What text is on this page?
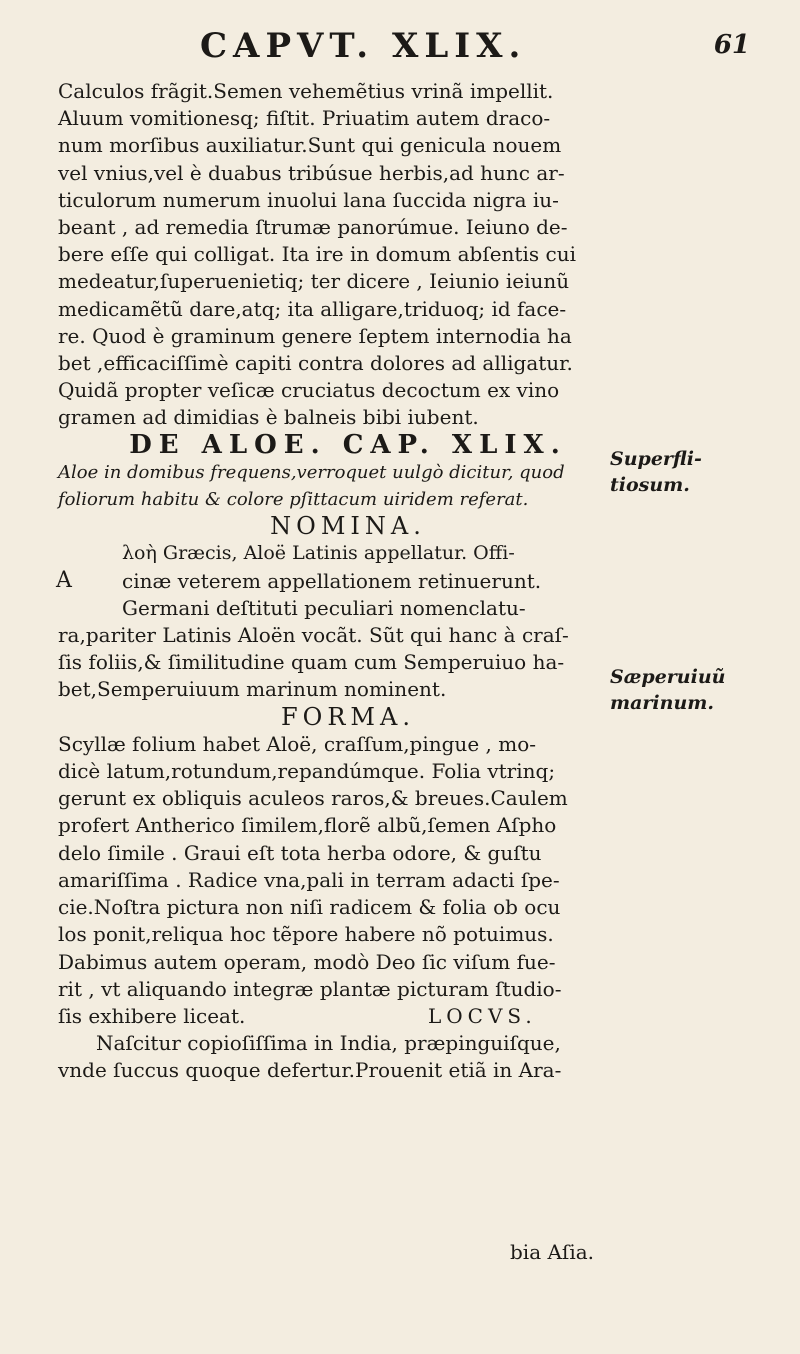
CAPVT. XLIX.	61
Calculos frãgit.Semen vehemẽtius vrinã impellit.
Aluum vomitionesq; fiſtit. Priuatim autem draco-
num morſibus auxiliatur.Sunt qui genicula nouem
vel vnius,vel è duabus tribúsue herbis,ad hunc ar-
ticulorum numerum inuolui lana ſuccida nigra iu-
beant , ad remedia ſtrumæ panorúmue. Ieiuno de-
bere eſſe qui colligat. Ita ire in domum abſentis cui
medeatur,ſuperuenietiq; ter dicere , Ieiunio ieiunũ
medicamẽtũ dare,atq; ita alligare,triduoq; id face-
re. Quod è graminum genere ſeptem internodia ha
bet ,efficaciſſimè capiti contra dolores ad alligatur.
Quidã propter veſicæ cruciatus decoctum ex vino
gramen ad dimidias è balneis bibi iubent.
DE ALOE. CAP. XLIX.
Aloe in domibus frequens,verroquet uulgò dicitur, quod
foliorum habitu & colore pſittacum uiridem referat.
NOMINA.
A
λοὴ Græcis, Aloë Latinis appellatur. Offi-
cinæ veterem appellationem retinuerunt.
Germani deſtituti peculiari nomenclatu-
ra,pariter Latinis Aloën vocãt. Sũt qui hanc à craſ-
ſis foliis,& ſimilitudine quam cum Semperuiuo ha-
bet,Semperuiuum marinum nominent.
FORMA.
Scyllæ folium habet Aloë, craſſum,pingue , mo-
dicè latum,rotundum,repandúmque. Folia vtrinq;
gerunt ex obliquis aculeos raros,& breues.Caulem
profert Antherico ſimilem,florẽ albũ,ſemen Aſpho
delo ſimile . Graui eſt tota herba odore, & guſtu
amariſſima . Radice vna,pali in terram adacti ſpe-
cie.Noſtra pictura non niſi radicem & folia ob ocu
los ponit,reliqua hoc tẽpore habere nõ potuimus.
Dabimus autem operam, modò Deo ſic viſum fue-
rit , vt aliquando integræ plantæ picturam ſtudio-
ſis exhibere liceat.	LOCVS.
Naſcitur copioſiſſima in India, præpinguiſque,
vnde ſuccus quoque defertur.Prouenit etiã in Ara-
Superfli-
tiosum.
Sæperuiuũ
marinum.
bia Aſia.
